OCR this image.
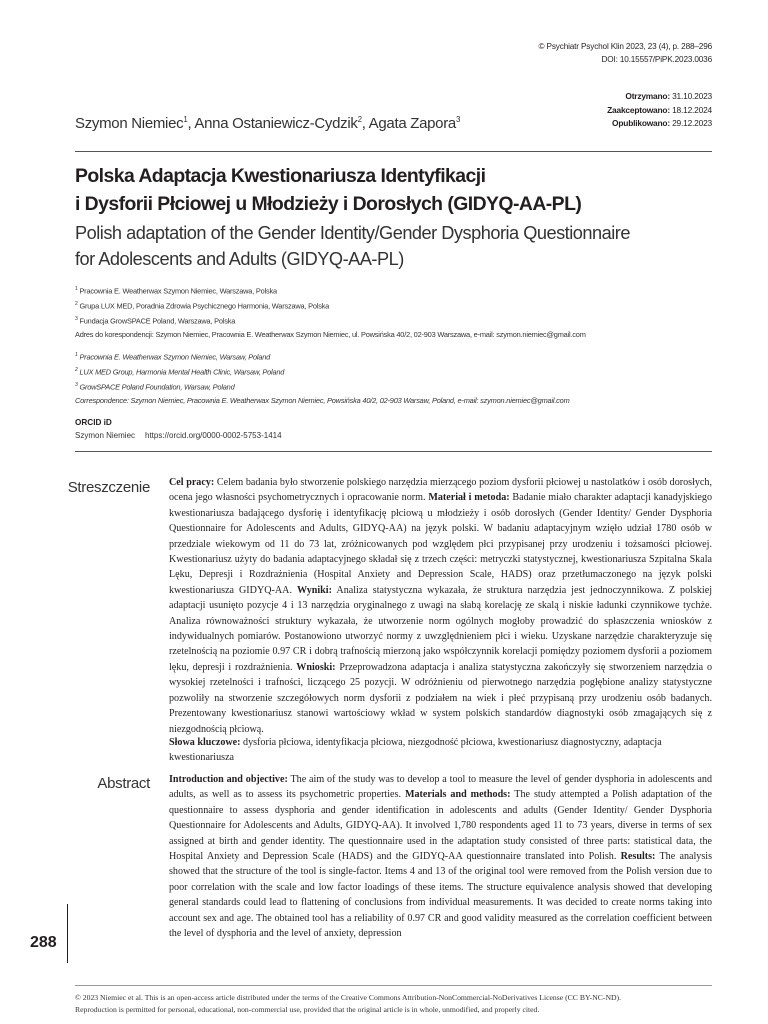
© Psychiatr Psychol Klin 2023, 23 (4), p. 288–296
DOI: 10.15557/PiPK.2023.0036
Otrzymano: 31.10.2023
Zaakceptowano: 18.12.2024
Opublikowano: 29.12.2023
Szymon Niemiec$^1$, Anna Ostaniewicz-Cydzik$^2$, Agata Zapora$^3$
Polska Adaptacja Kwestionariusza Identyfikacji
i Dysforii Płciowej u Młodzieży i Dorosłych (GIDYQ-AA-PL)
Polish adaptation of the Gender Identity/Gender Dysphoria Questionnaire
for Adolescents and Adults (GIDYQ-AA-PL)
$^1$ Pracownia E. Weatherwax Szymon Niemiec, Warszawa, Polska
$^2$ Grupa LUX MED, Poradnia Zdrowia Psychicznego Harmonia, Warszawa, Polska
$^3$ Fundacja GrowSPACE Poland, Warszawa, Polska
Adres do korespondencji: Szymon Niemiec, Pracownia E. Weatherwax Szymon Niemiec, ul. Powsińska 40/2, 02-903 Warszawa, e-mail: szymon.niemiec@gmail.com
$^1$ Pracownia E. Weatherwax Szymon Niemiec, Warsaw, Poland
$^2$ LUX MED Group, Harmonia Mental Health Clinic, Warsaw, Poland
$^3$ GrowSPACE Poland Foundation, Warsaw, Poland
Correspondence: Szymon Niemiec, Pracownia E. Weatherwax Szymon Niemiec, Powsińska 40/2, 02-903 Warsaw, Poland, e-mail: szymon.niemiec@gmail.com
ORCID iD
Szymon Niemiec https://orcid.org/0000-0002-5753-1414
Streszczenie Cel pracy: Celem badania było stworzenie polskiego narzędzia mierzącego poziom dysforii płciowej u nastolatków i osób dorosłych, ocena jego własności psychometrycznych i opracowanie norm. Materiał i metoda: Badanie miało charakter adaptacji kanadyjskiego kwestionariusza badającego dysforię i identyfikację płciową u młodzieży i osób dorosłych (Gender Identity/ Gender Dysphoria Questionnaire for Adolescents and Adults, GIDYQ-AA) na język polski. W badaniu adaptacyjnym wzięło udział 1780 osób w przedziale wiekowym od 11 do 73 lat, zróżnicowanych pod względem płci przypisanej przy urodzeniu i tożsamości płciowej. Kwestionariusz użyty do badania adaptacyjnego składał się z trzech części: metryczki statystycznej, kwestionariusza Szpitalna Skala Lęku, Depresji i Rozdrażnienia (Hospital Anxiety and Depression Scale, HADS) oraz przetłumaczonego na język polski kwestionariusza GIDYQ-AA. Wyniki: Analiza statystyczna wykazała, że struktura narzędzia jest jednoczynnikowa. Z polskiej adaptacji usunięto pozycje 4 i 13 narzędzia oryginalnego z uwagi na słabą korelację ze skalą i niskie ładunki czynnikowe tychże. Analiza równoważności struktury wykazała, że utworzenie norm ogólnych mogłoby prowadzić do spłaszczenia wniosków z indywidualnych pomiarów. Postanowiono utworzyć normy z uwzględnieniem płci i wieku. Uzyskane narzędzie charakteryzuje się rzetelnością na poziomie 0.97 CR i dobrą trafnością mierzoną jako współczynnik korelacji pomiędzy poziomem dysforii a poziomem lęku, depresji i rozdrażnienia. Wnioski: Przeprowadzona adaptacja i analiza statystyczna zakończyły się stworzeniem narzędzia o wysokiej rzetelności i trafności, liczącego 25 pozycji. W odróżnieniu od pierwotnego narzędzia pogłębione analizy statystyczne pozwoliły na stworzenie szczegółowych norm dysforii z podziałem na wiek i płeć przypisaną przy urodzeniu osób badanych. Prezentowany kwestionariusz stanowi wartościowy wkład w system polskich standardów diagnostyki osób zmagających się z niezgodnością płciową.
Słowa kluczowe: dysforia płciowa, identyfikacja płciowa, niezgodność płciowa, kwestionariusz diagnostyczny, adaptacja kwestionariusza
Abstract Introduction and objective: The aim of the study was to develop a tool to measure the level of gender dysphoria in adolescents and adults, as well as to assess its psychometric properties. Materials and methods: The study attempted a Polish adaptation of the questionnaire to assess dysphoria and gender identification in adolescents and adults (Gender Identity/ Gender Dysphoria Questionnaire for Adolescents and Adults, GIDYQ-AA). It involved 1,780 respondents aged 11 to 73 years, diverse in terms of sex assigned at birth and gender identity. The questionnaire used in the adaptation study consisted of three parts: statistical data, the Hospital Anxiety and Depression Scale (HADS) and the GIDYQ-AA questionnaire translated into Polish. Results: The analysis showed that the structure of the tool is single-factor. Items 4 and 13 of the original tool were removed from the Polish version due to poor correlation with the scale and low factor loadings of these items. The structure equivalence analysis showed that developing general standards could lead to flattening of conclusions from individual measurements. It was decided to create norms taking into account sex and age. The obtained tool has a reliability of 0.97 CR and good validity measured as the correlation coefficient between the level of dysphoria and the level of anxiety, depression
288
© 2023 Niemiec et al. This is an open-access article distributed under the terms of the Creative Commons Attribution-NonCommercial-NoDerivatives License (CC BY-NC-ND).
Reproduction is permitted for personal, educational, non-commercial use, provided that the original article is in whole, unmodified, and properly cited.
